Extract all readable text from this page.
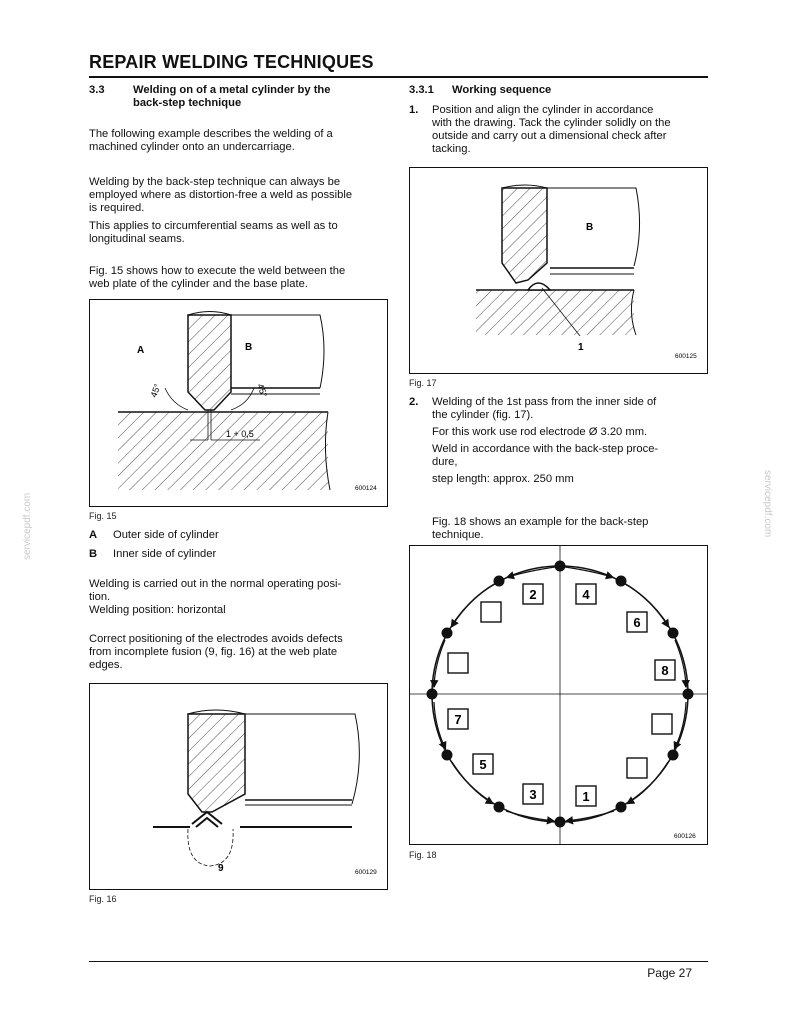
REPAIR WELDING TECHNIQUES
servicepdf.com	servicepdf.com
3.3	Welding on of a metal cylinder by the
back-step technique
The following example describes the welding of a
machined cylinder onto an undercarriage.
Welding by the back-step technique can always be
employed where as distortion-free a weld as possible
is required.
This applies to circumferential seams as well as to
longitudinal seams.
Fig. 15 shows how to execute the weld between the
web plate of the cylinder and the base plate.
A	B
45°	45°
1 + 0,5
600124
Fig. 15
A Outer side of cylinder
B Inner side of cylinder
Welding is carried out in the normal operating posi-
tion.
Welding position: horizontal
Correct positioning of the electrodes avoids defects
from incomplete fusion (9, fig. 16) at the web plate
edges.
9	600129
Fig. 16
3.3.1 Working sequence
1. Position and align the cylinder in accordance
with the drawing. Tack the cylinder solidly on the
outside and carry out a dimensional check after
tacking.
B
1
600125
Fig. 17
2. Welding of the 1st pass from the inner side of
the cylinder (fig. 17).
For this work use rod electrode Ø 3.20 mm.
Weld in accordance with the back-step proce-
dure,
step length: approx. 250 mm
Fig. 18 shows an example for the back-step
technique.
2	4
6
8
7
5
3	1
600126
Fig. 18
Page 27
